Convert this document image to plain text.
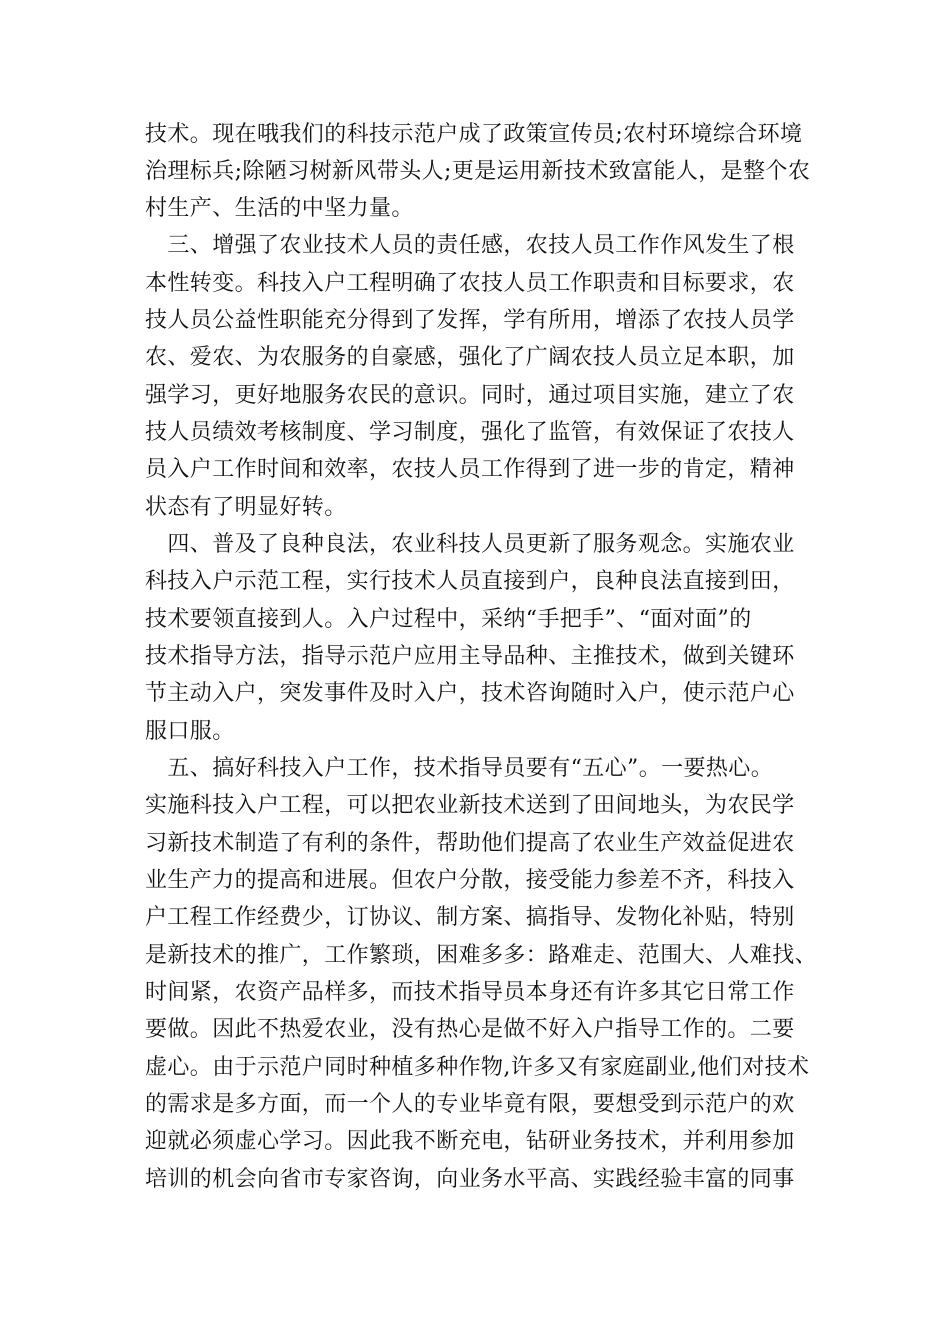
技术。现在哦我们的科技示范户成了政策宣传员;农村环境综合环境
治理标兵;除陋习树新风带头人;更是运用新技术致富能人，是整个农
村生产、生活的中坚力量。
　三、增强了农业技术人员的责任感，农技人员工作作风发生了根
本性转变。科技入户工程明确了农技人员工作职责和目标要求，农
技人员公益性职能充分得到了发挥，学有所用，增添了农技人员学
农、爱农、为农服务的自豪感，强化了广阔农技人员立足本职，加
强学习，更好地服务农民的意识。同时，通过项目实施，建立了农
技人员绩效考核制度、学习制度，强化了监管，有效保证了农技人
员入户工作时间和效率，农技人员工作得到了进一步的肯定，精神
状态有了明显好转。
　四、普及了良种良法，农业科技人员更新了服务观念。实施农业
科技入户示范工程，实行技术人员直接到户，良种良法直接到田，
技术要领直接到人。入户过程中，采纳“手把手”、“面对面”的
技术指导方法，指导示范户应用主导品种、主推技术，做到关键环
节主动入户，突发事件及时入户，技术咨询随时入户，使示范户心
服口服。
　五、搞好科技入户工作，技术指导员要有“五心”。一要热心。
实施科技入户工程，可以把农业新技术送到了田间地头，为农民学
习新技术制造了有利的条件，帮助他们提高了农业生产效益促进农
业生产力的提高和进展。但农户分散，接受能力参差不齐，科技入
户工程工作经费少，订协议、制方案、搞指导、发物化补贴，特别
是新技术的推广，工作繁琐，困难多多：路难走、范围大、人难找、
时间紧，农资产品样多，而技术指导员本身还有许多其它日常工作
要做。因此不热爱农业，没有热心是做不好入户指导工作的。二要
虚心。由于示范户同时种植多种作物,许多又有家庭副业,他们对技术
的需求是多方面，而一个人的专业毕竟有限，要想受到示范户的欢
迎就必须虚心学习。因此我不断充电，钻研业务技术，并利用参加
培训的机会向省市专家咨询，向业务水平高、实践经验丰富的同事
